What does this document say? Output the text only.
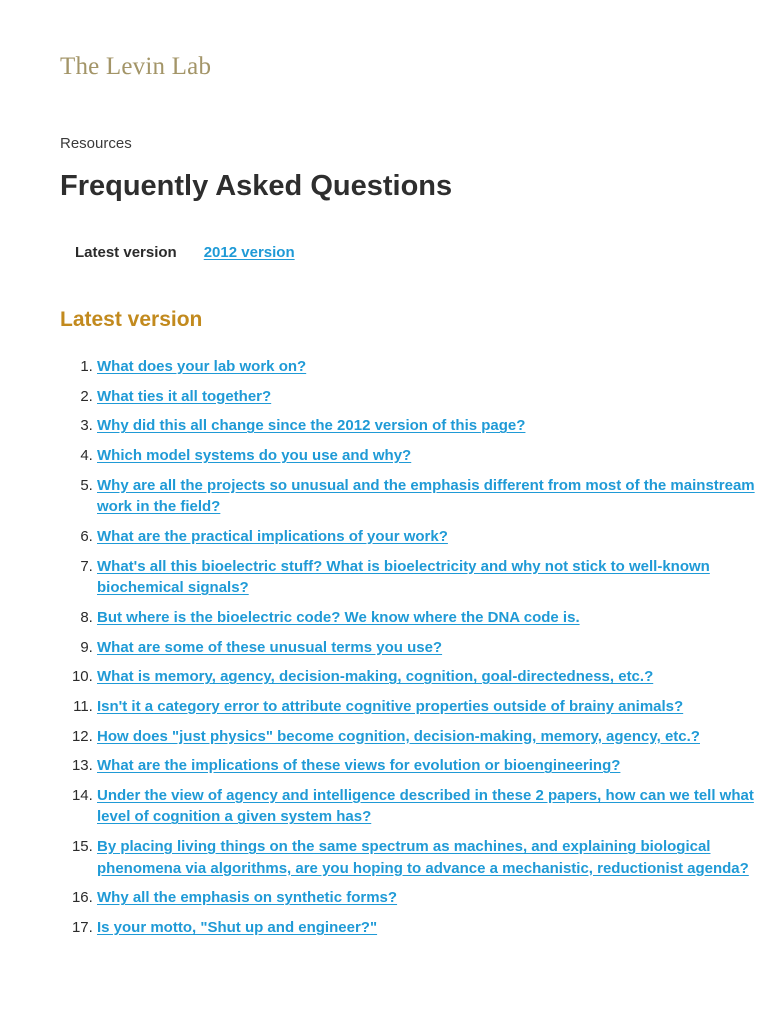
The Levin Lab
Resources
Frequently Asked Questions
Latest version 2012 version
Latest version
1. What does your lab work on?
2. What ties it all together?
3. Why did this all change since the 2012 version of this page?
4. Which model systems do you use and why?
5. Why are all the projects so unusual and the emphasis different from most of the mainstream work in the field?
6. What are the practical implications of your work?
7. What's all this bioelectric stuff? What is bioelectricity and why not stick to well-known biochemical signals?
8. But where is the bioelectric code? We know where the DNA code is.
9. What are some of these unusual terms you use?
10. What is memory, agency, decision-making, cognition, goal-directedness, etc.?
11. Isn't it a category error to attribute cognitive properties outside of brainy animals?
12. How does "just physics" become cognition, decision-making, memory, agency, etc.?
13. What are the implications of these views for evolution or bioengineering?
14. Under the view of agency and intelligence described in these 2 papers, how can we tell what level of cognition a given system has?
15. By placing living things on the same spectrum as machines, and explaining biological phenomena via algorithms, are you hoping to advance a mechanistic, reductionist agenda?
16. Why all the emphasis on synthetic forms?
17. Is your motto, "Shut up and engineer?"
